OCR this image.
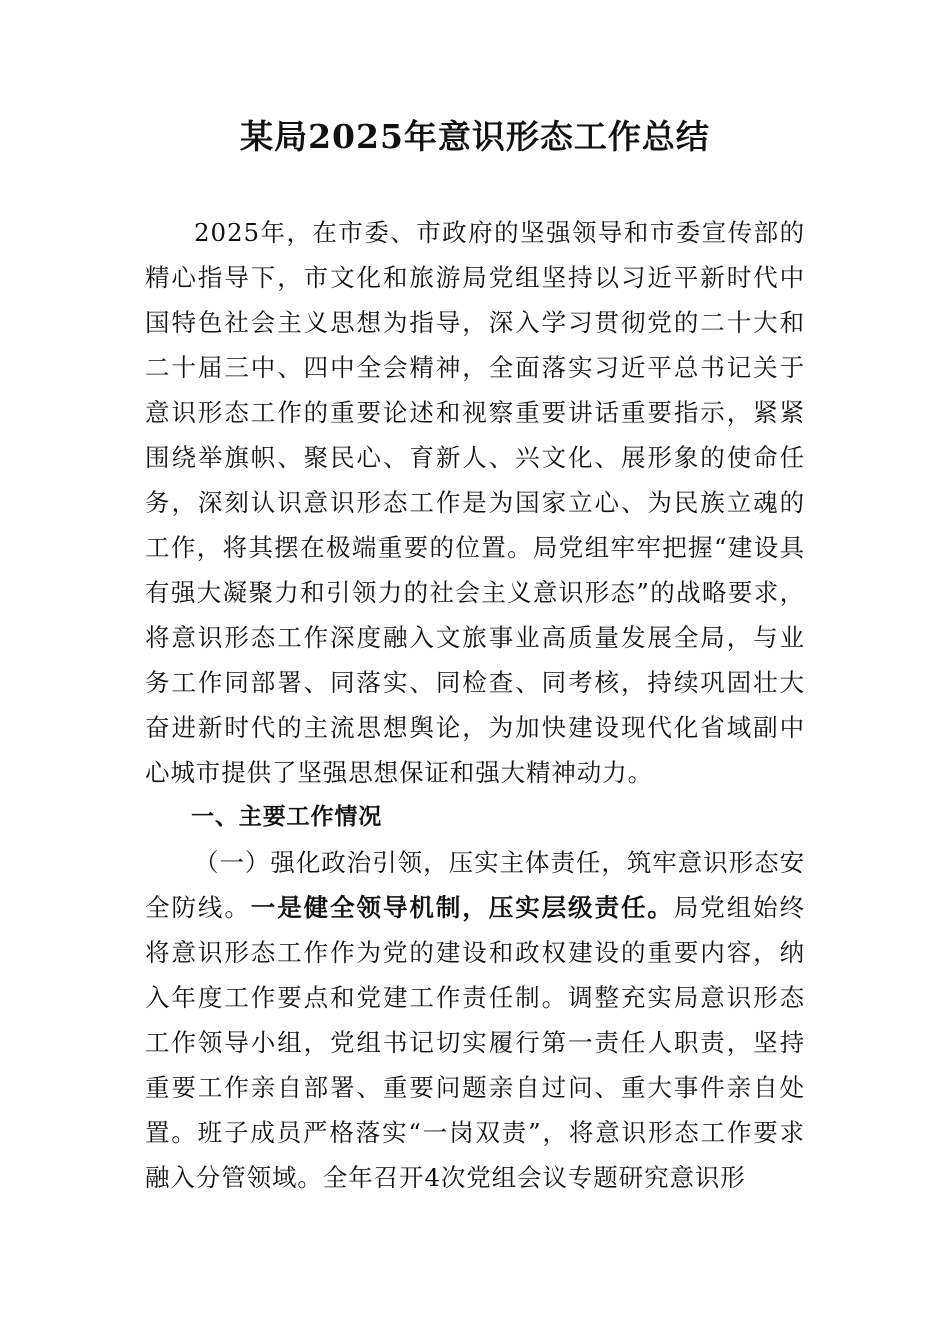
某局2025年意识形态工作总结

2025年，在市委、市政府的坚强领导和市委宣传部的精心指导下，市文化和旅游局党组坚持以习近平新时代中国特色社会主义思想为指导，深入学习贯彻党的二十大和二十届三中、四中全会精神，全面落实习近平总书记关于意识形态工作的重要论述和视察重要讲话重要指示，紧紧围绕举旗帜、聚民心、育新人、兴文化、展形象的使命任务，深刻认识意识形态工作是为国家立心、为民族立魂的工作，将其摆在极端重要的位置。局党组牢牢把握“建设具有强大凝聚力和引领力的社会主义意识形态”的战略要求，将意识形态工作深度融入文旅事业高质量发展全局，与业务工作同部署、同落实、同检查、同考核，持续巩固壮大奋进新时代的主流思想舆论，为加快建设现代化省域副中心城市提供了坚强思想保证和强大精神动力。

一、主要工作情况

（一）强化政治引领，压实主体责任，筑牢意识形态安全防线。一是健全领导机制，压实层级责任。局党组始终将意识形态工作作为党的建设和政权建设的重要内容，纳入年度工作要点和党建工作责任制。调整充实局意识形态工作领导小组，党组书记切实履行第一责任人职责，坚持重要工作亲自部署、重要问题亲自过问、重大事件亲自处置。班子成员严格落实“一岗双责”，将意识形态工作要求融入分管领域。全年召开4次党组会议专题研究意识形
